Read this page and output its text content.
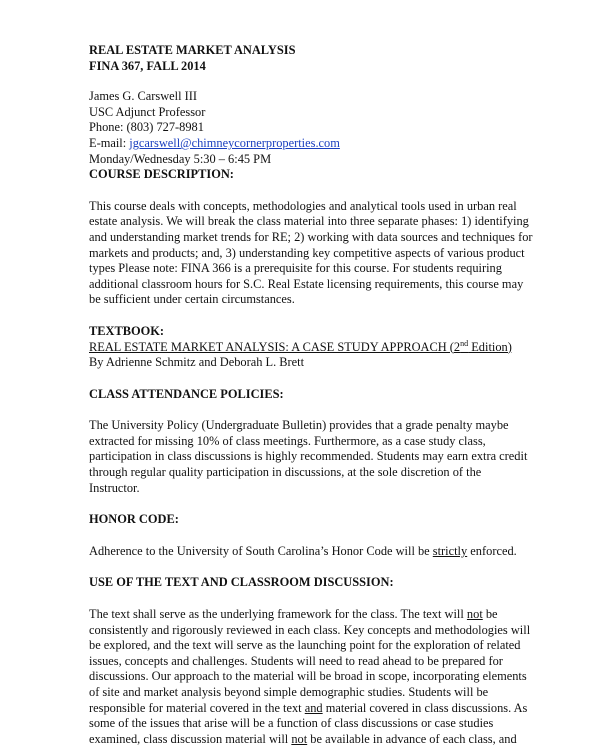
REAL ESTATE MARKET ANALYSIS
FINA 367, FALL 2014
James G. Carswell III
USC Adjunct Professor
Phone: (803) 727-8981
E-mail: jgcarswell@chimneycornerproperties.com
Monday/Wednesday 5:30 – 6:45 PM
COURSE DESCRIPTION:
This course deals with concepts, methodologies and analytical tools used in urban real
estate analysis. We will break the class material into three separate phases: 1) identifying
and understanding market trends for RE; 2) working with data sources and techniques for
markets and products; and, 3) understanding key competitive aspects of various product
types Please note: FINA 366 is a prerequisite for this course. For students requiring
additional classroom hours for S.C. Real Estate licensing requirements, this course may
be sufficient under certain circumstances.
TEXTBOOK:
REAL ESTATE MARKET ANALYSIS: A CASE STUDY APPROACH (2nd Edition)
By Adrienne Schmitz and Deborah L. Brett
CLASS ATTENDANCE POLICIES:
The University Policy (Undergraduate Bulletin) provides that a grade penalty maybe
extracted for missing 10% of class meetings. Furthermore, as a case study class,
participation in class discussions is highly recommended. Students may earn extra credit
through regular quality participation in discussions, at the sole discretion of the
Instructor.
HONOR CODE:
Adherence to the University of South Carolina’s Honor Code will be strictly enforced.
USE OF THE TEXT AND CLASSROOM DISCUSSION:
The text shall serve as the underlying framework for the class. The text will not be
consistently and rigorously reviewed in each class. Key concepts and methodologies will
be explored, and the text will serve as the launching point for the exploration of related
issues, concepts and challenges. Students will need to read ahead to be prepared for
discussions. Our approach to the material will be broad in scope, incorporating elements
of site and market analysis beyond simple demographic studies. Students will be
responsible for material covered in the text and material covered in class discussions. As
some of the issues that arise will be a function of class discussions or case studies
examined, class discussion material will not be available in advance of each class, and
